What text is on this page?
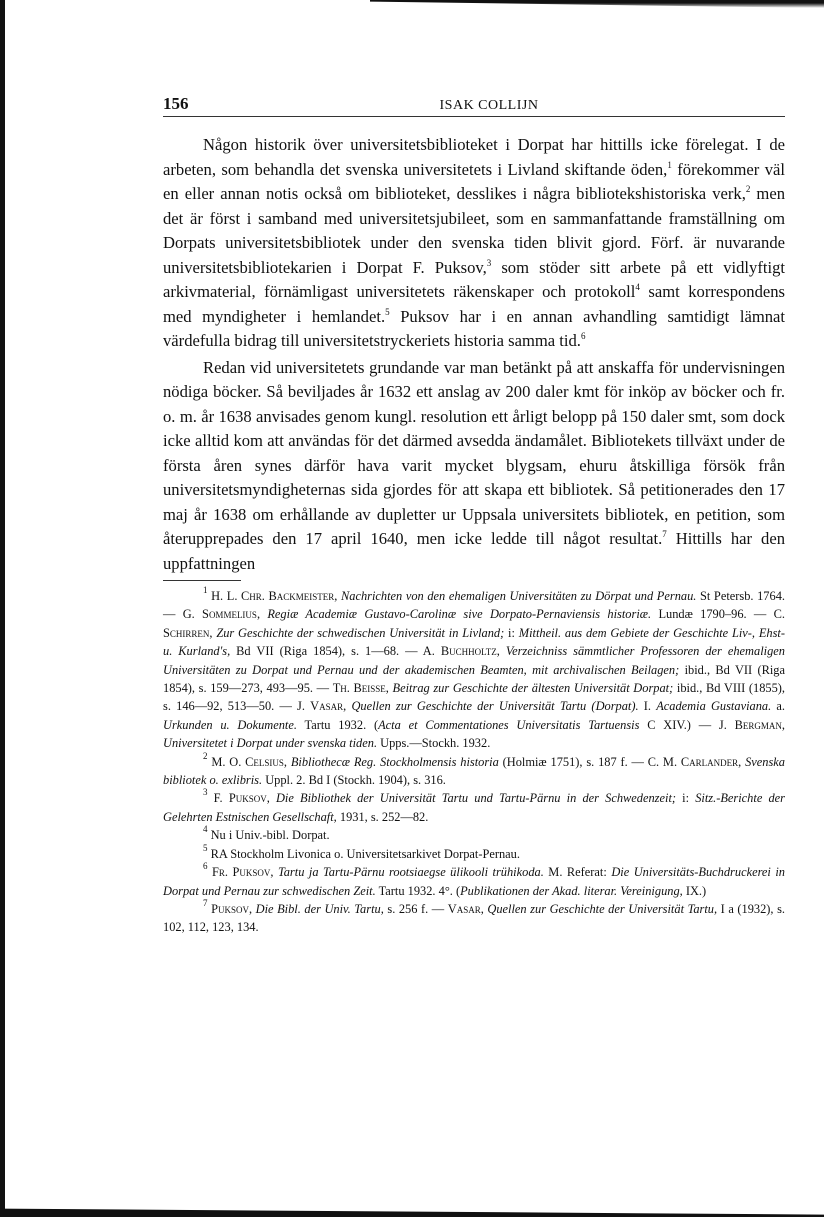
156	ISAK COLLIJN

Någon historik över universitetsbiblioteket i Dorpat har hittills icke förelegat. I de arbeten, som behandla det svenska universitetets i Livland skiftande öden,$^1$ förekommer väl en eller annan notis också om biblioteket, desslikes i några bibliotekshistoriska verk,$^2$ men det är först i samband med universitetsjubileet, som en sammanfattande framställning om Dorpats universitetsbibliotek under den svenska tiden blivit gjord. Förf. är nuvarande universitetsbibliotekarien i Dorpat F. Puksov,$^3$ som stöder sitt arbete på ett vidlyftigt arkivmaterial, förnämligast universitetets räkenskaper och protokoll$^4$ samt korrespondens med myndigheter i hemlandet.$^5$ Puksov har i en annan avhandling samtidigt lämnat värdefulla bidrag till universitetstryckeriets historia samma tid.$^6$

Redan vid universitetets grundande var man betänkt på att anskaffa för undervisningen nödiga böcker. Så beviljades år 1632 ett anslag av 200 daler kmt för inköp av böcker och fr. o. m. år 1638 anvisades genom kungl. resolution ett årligt belopp på 150 daler smt, som dock icke alltid kom att användas för det därmed avsedda ändamålet. Bibliotekets tillväxt under de första åren synes därför hava varit mycket blygsam, ehuru åtskilliga försök från universitetsmyndigheternas sida gjordes för att skapa ett bibliotek. Så petitionerades den 17 maj år 1638 om erhållande av dupletter ur Uppsala universitets bibliotek, en petition, som återupprepades den 17 april 1640, men icke ledde till något resultat.$^7$ Hittills har den uppfattningen

$^1$ H. L. Chr. Backmeister, Nachrichten von den ehemaligen Universitäten zu Dörpat und Pernau. St Petersb. 1764. — G. Sommelius, Regiæ Academiæ Gustavo-Carolinæ sive Dorpato-Pernaviensis historiæ. Lundæ 1790–96. — C. Schirren, Zur Geschichte der schwedischen Universität in Livland; i: Mittheil. aus dem Gebiete der Geschichte Liv-, Ehst- u. Kurland's, Bd VII (Riga 1854), s. 1—68. — A. Buchholtz, Verzeichniss sämmtlicher Professoren der ehemaligen Universitäten zu Dorpat und Pernau und der akademischen Beamten, mit archivalischen Beilagen; ibid., Bd VII (Riga 1854), s. 159—273, 493—95. — Th. Beisse, Beitrag zur Geschichte der ältesten Universität Dorpat; ibid., Bd VIII (1855), s. 146—92, 513—50. — J. Vasar, Quellen zur Geschichte der Universität Tartu (Dorpat). I. Academia Gustaviana. a. Urkunden u. Dokumente. Tartu 1932. (Acta et Commentationes Universitatis Tartuensis C XIV.) — J. Bergman, Universitetet i Dorpat under svenska tiden. Upps.—Stockh. 1932.

$^2$ M. O. Celsius, Bibliothecæ Reg. Stockholmensis historia (Holmiæ 1751), s. 187 f. — C. M. Carlander, Svenska bibliotek o. exlibris. Uppl. 2. Bd I (Stockh. 1904), s. 316.

$^3$ F. Puksov, Die Bibliothek der Universität Tartu und Tartu-Pärnu in der Schwedenzeit; i: Sitz.-Berichte der Gelehrten Estnischen Gesellschaft, 1931, s. 252—82.

$^4$ Nu i Univ.-bibl. Dorpat.

$^5$ RA Stockholm Livonica o. Universitetsarkivet Dorpat-Pernau.

$^6$ Fr. Puksov, Tartu ja Tartu-Pärnu rootsiaegse ülikooli trühikoda. M. Referat: Die Universitäts-Buchdruckerei in Dorpat und Pernau zur schwedischen Zeit. Tartu 1932. 4°. (Publikationen der Akad. literar. Vereinigung, IX.)

$^7$ Puksov, Die Bibl. der Univ. Tartu, s. 256 f. — Vasar, Quellen zur Geschichte der Universität Tartu, I a (1932), s. 102, 112, 123, 134.
